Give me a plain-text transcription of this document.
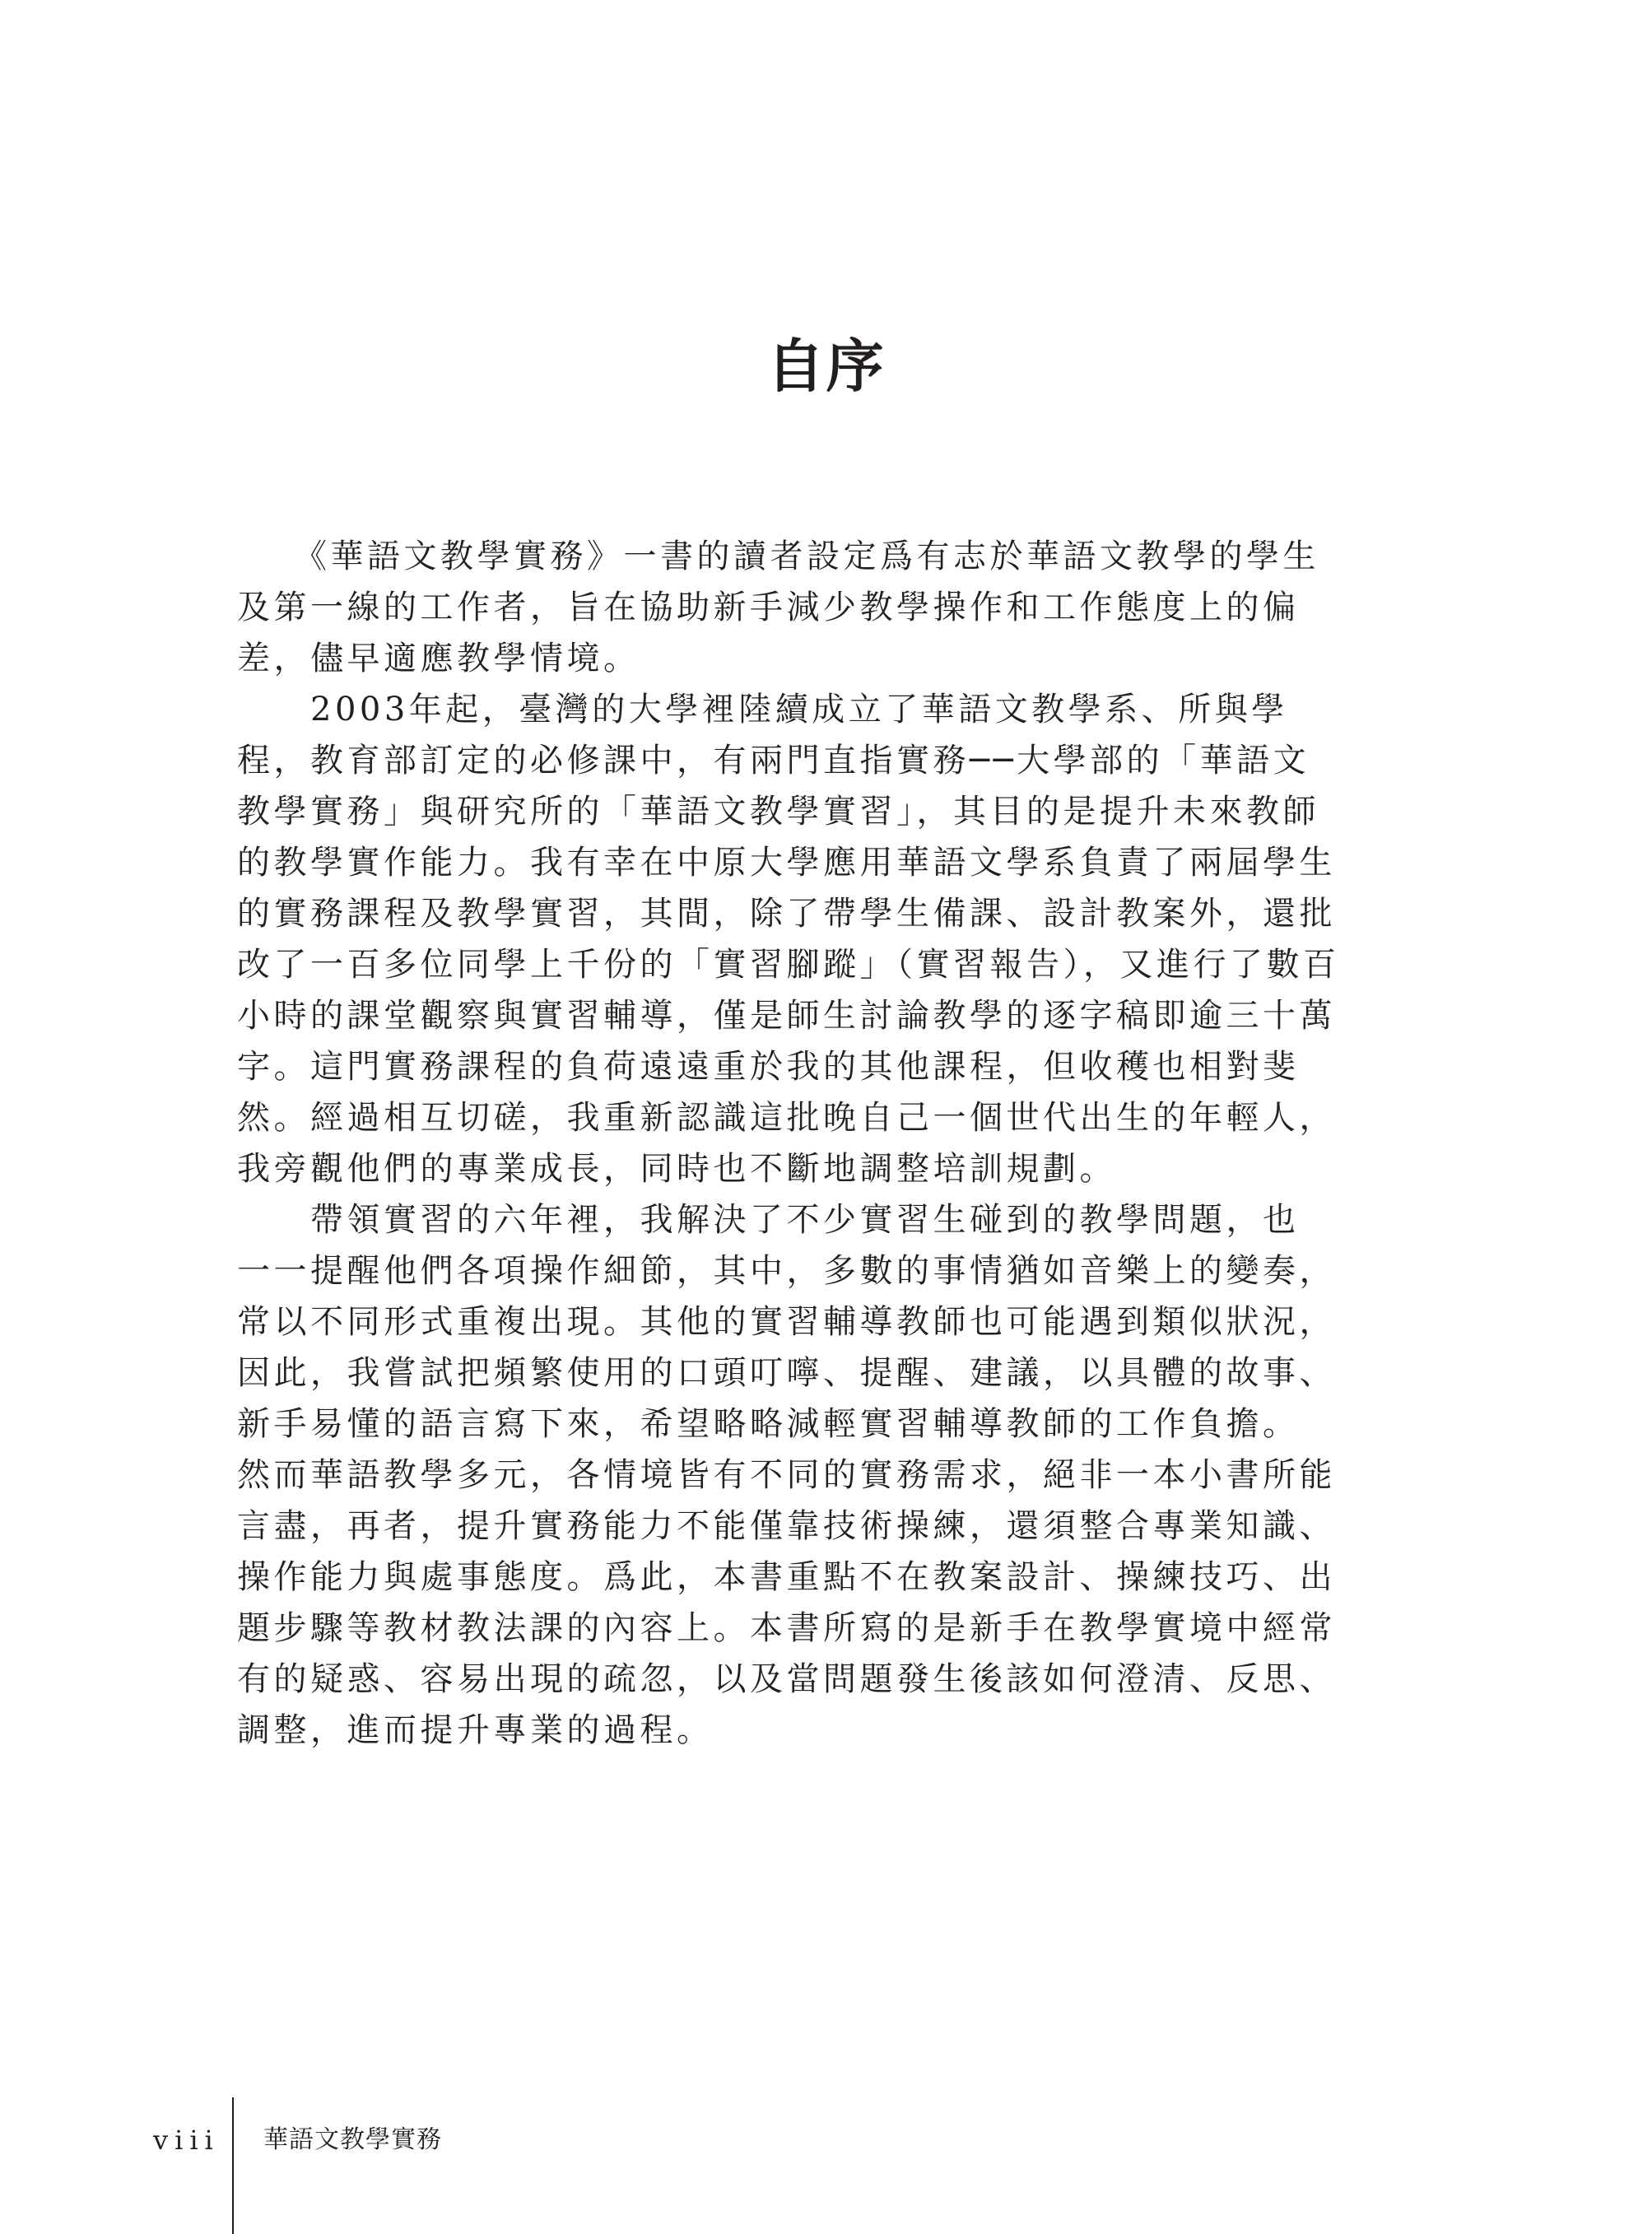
自序

　　《華語文教學實務》一書的讀者設定爲有志於華語文教學的學生
及第一線的工作者，旨在協助新手減少教學操作和工作態度上的偏
差，儘早適應教學情境。

　　2003年起，臺灣的大學裡陸續成立了華語文教學系、所與學
程，教育部訂定的必修課中，有兩門直指實務──大學部的「華語文
教學實務」與研究所的「華語文教學實習」，其目的是提升未來教師
的教學實作能力。我有幸在中原大學應用華語文學系負責了兩屆學生
的實務課程及教學實習，其間，除了帶學生備課、設計教案外，還批
改了一百多位同學上千份的「實習腳蹤」（實習報告），又進行了數百
小時的課堂觀察與實習輔導，僅是師生討論教學的逐字稿即逾三十萬
字。這門實務課程的負荷遠遠重於我的其他課程，但收穫也相對斐
然。經過相互切磋，我重新認識這批晚自己一個世代出生的年輕人，
我旁觀他們的專業成長，同時也不斷地調整培訓規劃。

　　帶領實習的六年裡，我解決了不少實習生碰到的教學問題，也
一一提醒他們各項操作細節，其中，多數的事情猶如音樂上的變奏，
常以不同形式重複出現。其他的實習輔導教師也可能遇到類似狀況，
因此，我嘗試把頻繁使用的口頭叮嚀、提醒、建議，以具體的故事、
新手易懂的語言寫下來，希望略略減輕實習輔導教師的工作負擔。
然而華語教學多元，各情境皆有不同的實務需求，絕非一本小書所能
言盡，再者，提升實務能力不能僅靠技術操練，還須整合專業知識、
操作能力與處事態度。爲此，本書重點不在教案設計、操練技巧、出
題步驟等教材教法課的內容上。本書所寫的是新手在教學實境中經常
有的疑惑、容易出現的疏忽，以及當問題發生後該如何澄清、反思、
調整，進而提升專業的過程。

viii 華語文教學實務
